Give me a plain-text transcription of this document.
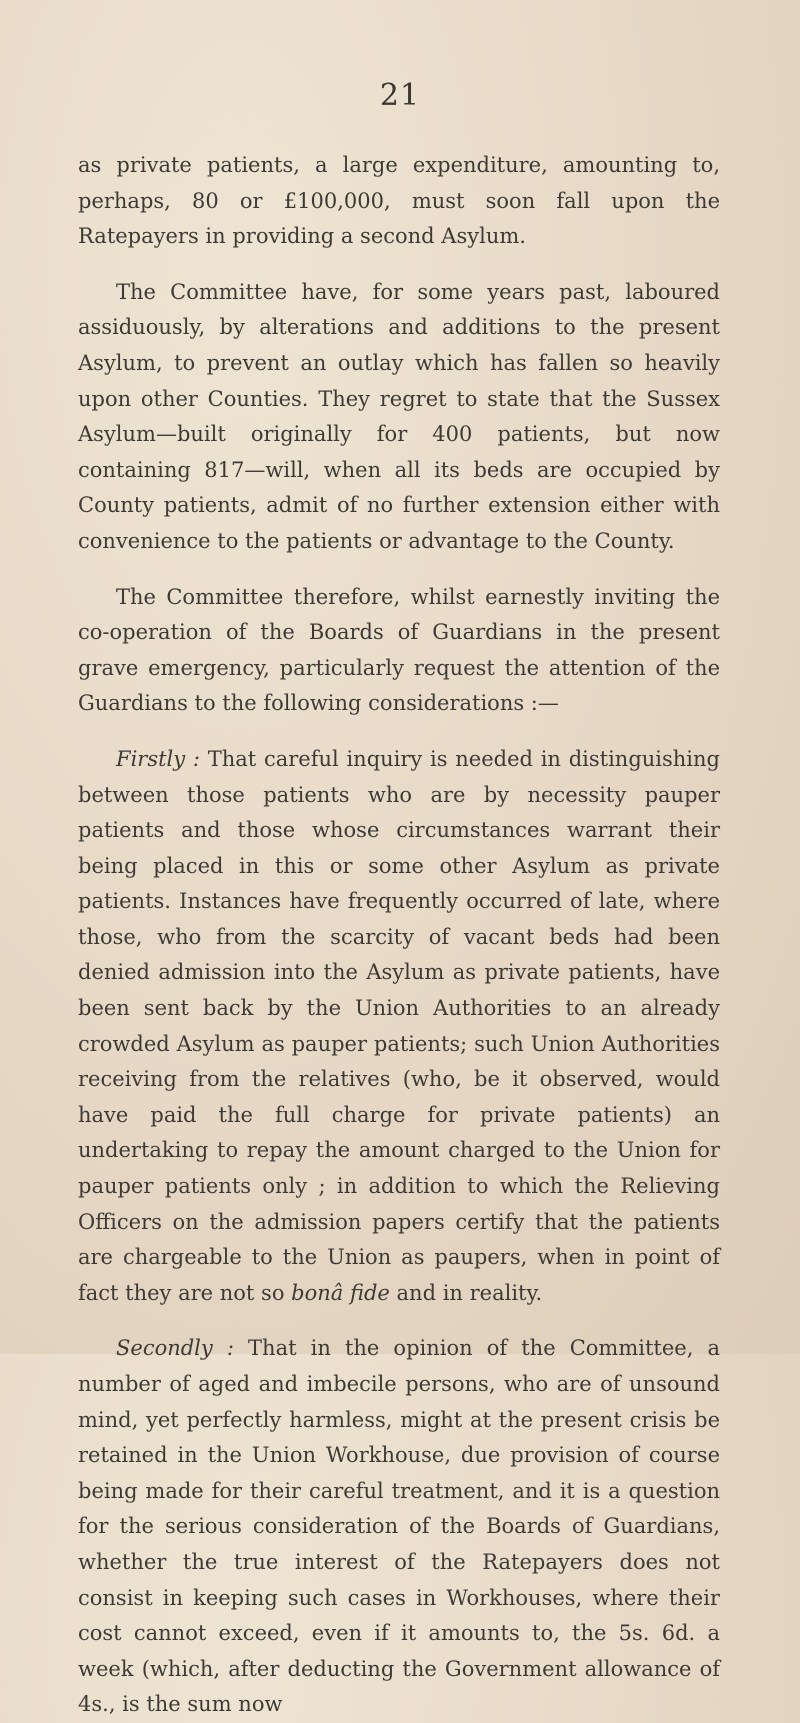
21

as private patients, a large expenditure, amounting to, perhaps, 80 or £100,000, must soon fall upon the Ratepayers in providing a second Asylum.

The Committee have, for some years past, laboured assiduously, by alterations and additions to the present Asylum, to prevent an outlay which has fallen so heavily upon other Counties. They regret to state that the Sussex Asylum—built originally for 400 patients, but now containing 817—will, when all its beds are occupied by County patients, admit of no further extension either with convenience to the patients or advantage to the County.

The Committee therefore, whilst earnestly inviting the co-operation of the Boards of Guardians in the present grave emergency, particularly request the attention of the Guardians to the following considerations :—

Firstly : That careful inquiry is needed in distinguishing between those patients who are by necessity pauper patients and those whose circumstances warrant their being placed in this or some other Asylum as private patients. Instances have frequently occurred of late, where those, who from the scarcity of vacant beds had been denied admission into the Asylum as private patients, have been sent back by the Union Authorities to an already crowded Asylum as pauper patients; such Union Authorities receiving from the relatives (who, be it observed, would have paid the full charge for private patients) an undertaking to repay the amount charged to the Union for pauper patients only ; in addition to which the Relieving Officers on the admission papers certify that the patients are chargeable to the Union as paupers, when in point of fact they are not so bonâ fide and in reality.

Secondly : That in the opinion of the Committee, a number of aged and imbecile persons, who are of unsound mind, yet perfectly harmless, might at the present crisis be retained in the Union Workhouse, due provision of course being made for their careful treatment, and it is a question for the serious consideration of the Boards of Guardians, whether the true interest of the Ratepayers does not consist in keeping such cases in Workhouses, where their cost cannot exceed, even if it amounts to, the 5s. 6d. a week (which, after deducting the Government allowance of 4s., is the sum now
